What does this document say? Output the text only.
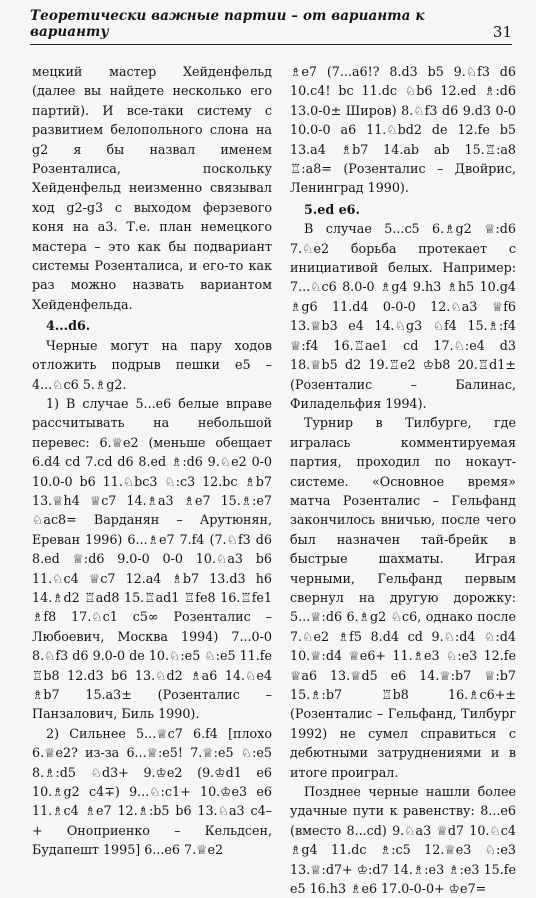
Теоретически важные партии – от варианта к варианту	31

мецкий мастер Хейденфельд (далее вы найдете несколько его партий). И все-таки систему с развитием белопольного слона на g2 я бы назвал именем Розенталиса, поскольку Хейденфельд неизменно связывал ход g2-g3 с выходом ферзевого коня на а3. Т.е. план немецкого мастера – это как бы подвариант системы Розенталиса, и его-то как раз можно назвать вариантом Хейденфельда.

4...d6.

Черные могут на пару ходов отложить подрыв пешки е5 – 4...♘c6 5.♗g2.

1) В случае 5...е6 белые вправе рассчитывать на небольшой перевес: 6.♕e2 (меньше обещает 6.d4 cd 7.cd d6 8.ed ♗:d6 9.♘e2 0-0 10.0-0 b6 11.♘bc3 ♘:c3 12.bc ♗b7 13.♕h4 ♕c7 14.♗a3 ♗e7 15.♗:e7 ♘ac8= Варданян – Арутюнян, Ереван 1996) 6...♗e7 7.f4 (7.♘f3 d6 8.ed ♕:d6 9.0-0 0-0 10.♘a3 b6 11.♘c4 ♕c7 12.a4 ♗b7 13.d3 h6 14.♗d2 ♖ad8 15.♖ad1 ♖fe8 16.♖fe1 ♗f8 17.♘c1 c5∞ Розенталис – Любоевич, Москва 1994) 7...0-0 8.♘f3 d6 9.0-0 de 10.♘:e5 ♘:e5 11.fe ♖b8 12.d3 b6 13.♘d2 ♗a6 14.♘e4 ♗b7 15.a3± (Розенталис – Панзалович, Биль 1990).

2) Сильнее 5...♕c7 6.f4 [плохо 6.♕e2? из-за 6...♕:e5! 7.♕:e5 ♘:e5 8.♗:d5 ♘d3+ 9.♔e2 (9.♔d1 e6 10.♗g2 c4∓) 9...♘:c1+ 10.♔e3 e6 11.♗c4 ♗e7 12.♗:b5 b6 13.♘a3 c4–+ Оноприенко – Кельдсен, Будапешт 1995] 6...e6 7.♕e2

♗e7 (7...a6!? 8.d3 b5 9.♘f3 d6 10.c4! bc 11.dc ♘b6 12.ed ♗:d6 13.0-0± Широв) 8.♘f3 d6 9.d3 0-0 10.0-0 a6 11.♘bd2 de 12.fe b5 13.a4 ♗b7 14.ab ab 15.♖:a8 ♖:a8= (Розенталис – Двойрис, Ленинград 1990).

5.ed e6.

В случае 5...c5 6.♗g2 ♕:d6 7.♘e2 борьба протекает с инициативой белых. Например: 7...♘c6 8.0-0 ♗g4 9.h3 ♗h5 10.g4 ♗g6 11.d4 0-0-0 12.♘a3 ♕f6 13.♕b3 e4 14.♘g3 ♘f4 15.♗:f4 ♕:f4 16.♖ae1 cd 17.♘:e4 d3 18.♕b5 d2 19.♖e2 ♔b8 20.♖d1± (Розенталис – Балинас, Филадельфия 1994).

Турнир в Тилбурге, где игралась комментируемая партия, проходил по нокаут-системе. «Основное время» матча Розенталис – Гельфанд закончилось вничью, после чего был назначен тай-брейк в быстрые шахматы. Играя черными, Гельфанд первым свернул на другую дорожку: 5...♕:d6 6.♗g2 ♘c6, однако после 7.♘e2 ♗f5 8.d4 cd 9.♘:d4 ♘:d4 10.♕:d4 ♕e6+ 11.♗e3 ♘:e3 12.fe ♕a6 13.♕d5 e6 14.♕:b7 ♕:b7 15.♗:b7 ♖b8 16.♗c6+± (Розенталис – Гельфанд, Тилбург 1992) не сумел справиться с дебютными затруднениями и в итоге проиграл.

Позднее черные нашли более удачные пути к равенству: 8...e6 (вместо 8...cd) 9.♘a3 ♕d7 10.♘c4 ♗g4 11.dc ♗:c5 12.♕e3 ♘:e3 13.♕:d7+ ♔:d7 14.♗:e3 ♗:e3 15.fe e5 16.h3 ♗e6 17.0-0-0+ ♔e7=
